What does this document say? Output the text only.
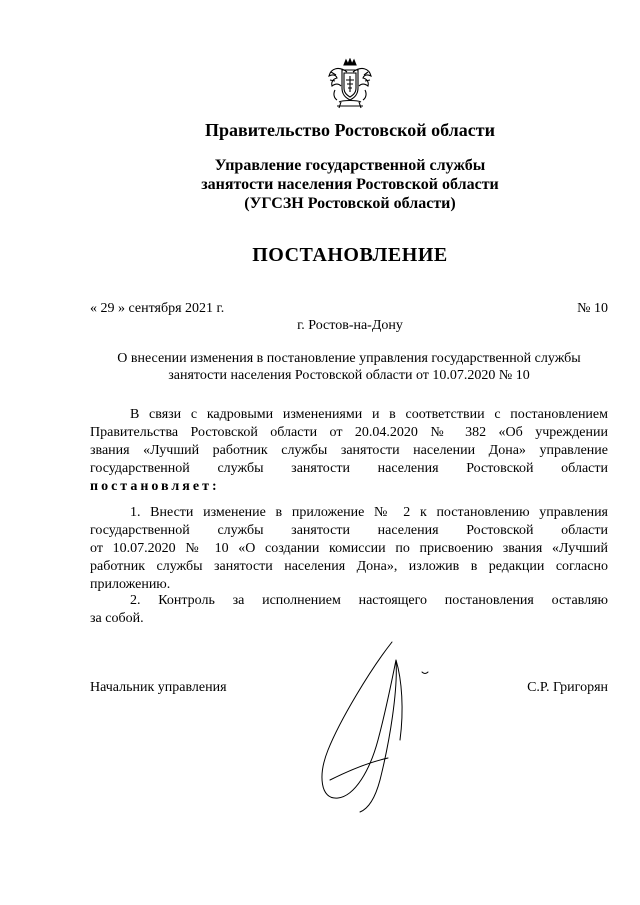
Правительство Ростовской области
Управление государственной службы
занятости населения Ростовской области
(УГСЗН Ростовской области)
ПОСТАНОВЛЕНИЕ
« 29 » сентября 2021 г.	№ 10
г. Ростов-на-Дону
О внесении изменения в постановление управления государственной службы
занятости населения Ростовской области от 10.07.2020 № 10
В связи с кадровыми изменениями и в соответствии с постановлением
Правительства Ростовской области от 20.04.2020 № 382 «Об учреждении
звания «Лучший работник службы занятости населении Дона» управление
государственной службы занятости населения Ростовской области
постановляет:
1. Внести изменение в приложение № 2 к постановлению управления
государственной службы занятости населения Ростовской области
от 10.07.2020 № 10 «О создании комиссии по присвоению звания «Лучший
работник службы занятости населения Дона», изложив в редакции согласно
приложению.
2. Контроль за исполнением настоящего постановления оставляю
за собой.
Начальник управления	С.Р. Григорян
